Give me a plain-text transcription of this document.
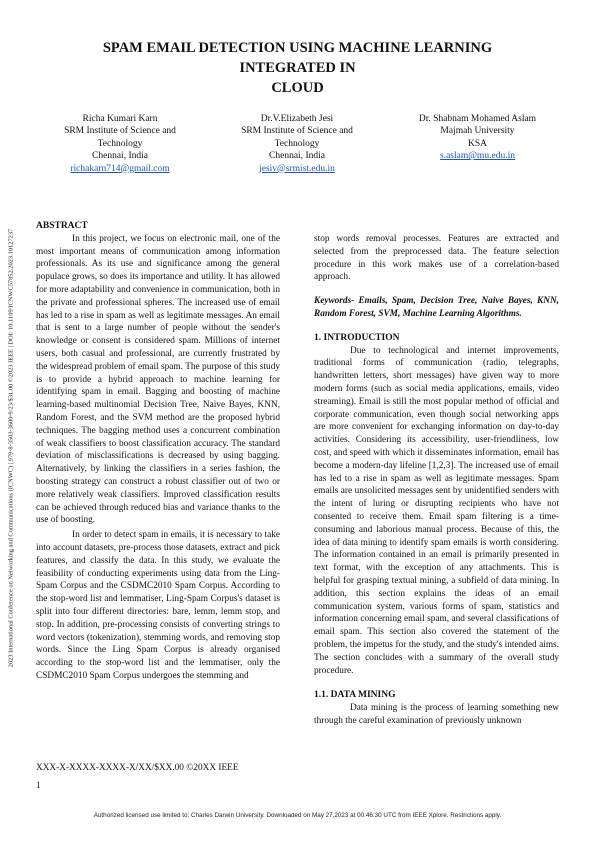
SPAM EMAIL DETECTION USING MACHINE LEARNING
INTEGRATED IN
CLOUD
Richa Kumari Karn
SRM Institute of Science and
Technology
Chennai, India
richakarn714@gmail.com
Dr.V.Elizabeth Jesi
SRM Institute of Science and
Technology
Chennai, India
jesiv@srmist.edu.in
Dr. Shabnam Mohamed Aslam
Majmah University
KSA
s.aslam@mu.edu.in
2023 International Conference on Networking and Communications (ICNWC) | 979-8-3503-3600-9/23/$31.00 ©2023 IEEE | DOI: 10.1109/ICNWC57852.2023.10127237

ABSTRACT

In this project, we focus on electronic mail, one of the most important means of communication among information professionals. As its use and significance among the general populace grows, so does its importance and utility. It has allowed for more adaptability and convenience in communication, both in the private and professional spheres. The increased use of email has led to a rise in spam as well as legitimate messages. An email that is sent to a large number of people without the sender's knowledge or consent is considered spam. Millions of internet users, both casual and professional, are currently frustrated by the widespread problem of email spam. The purpose of this study is to provide a hybrid approach to machine learning for identifying spam in email. Bagging and boosting of machine learning-based multinomial Decision Tree, Naive Bayes, KNN, Random Forest, and the SVM method are the proposed hybrid techniques. The bagging method uses a concurrent combination of weak classifiers to boost classification accuracy. The standard deviation of misclassifications is decreased by using bagging. Alternatively, by linking the classifiers in a series fashion, the boosting strategy can construct a robust classifier out of two or more relatively weak classifiers. Improved classification results can be achieved through reduced bias and variance thanks to the use of boosting.

In order to detect spam in emails, it is necessary to take into account datasets, pre-process those datasets, extract and pick features, and classify the data. In this study, we evaluate the feasibility of conducting experiments using data from the Ling-Spam Corpus and the CSDMC2010 Spam Corpus. According to the stop-word list and lemmatiser, Ling-Spam Corpus's dataset is split into four different directories: bare, lemm, lemm stop, and stop. In addition, pre-processing consists of converting strings to word vectors (tokenization), stemming words, and removing stop words. Since the Ling Spam Corpus is already organised according to the stop-word list and the lemmatiser, only the CSDMC2010 Spam Corpus undergoes the stemming and

stop words removal processes. Features are extracted and selected from the preprocessed data. The feature selection procedure in this work makes use of a correlation-based approach.

Keywords- Emails, Spam, Decision Tree, Naive Bayes, KNN, Random Forest, SVM, Machine Learning Algorithms.

1. INTRODUCTION

Due to technological and internet improvements, traditional forms of communication (radio, telegraphs, handwritten letters, short messages) have given way to more modern forms (such as social media applications, emails, video streaming). Email is still the most popular method of official and corporate communication, even though social networking apps are more convenient for exchanging information on day-to-day activities. Considering its accessibility, user-friendliness, low cost, and speed with which it disseminates information, email has become a modern-day lifeline [1,2,3]. The increased use of email has led to a rise in spam as well as legitimate messages. Spam emails are unsolicited messages sent by unidentified senders with the intent of luring or disrupting recipients who have not consented to receive them. Email spam filtering is a time-consuming and laborious manual process. Because of this, the idea of data mining to identify spam emails is worth considering. The information contained in an email is primarily presented in text format, with the exception of any attachments. This is helpful for grasping textual mining, a subfield of data mining. In addition, this section explains the ideas of an email communication system, various forms of spam, statistics and information concerning email spam, and several classifications of email spam. This section also covered the statement of the problem, the impetus for the study, and the study's intended aims. The section concludes with a summary of the overall study procedure.

1.1. DATA MINING

Data mining is the process of learning something new through the careful examination of previously unknown

XXX-X-XXXX-XXXX-X/XX/$XX.00 ©20XX IEEE
1
Authorized licensed use limited to: Charles Darwin University. Downloaded on May 27,2023 at 00:46:30 UTC from IEEE Xplore. Restrictions apply.
